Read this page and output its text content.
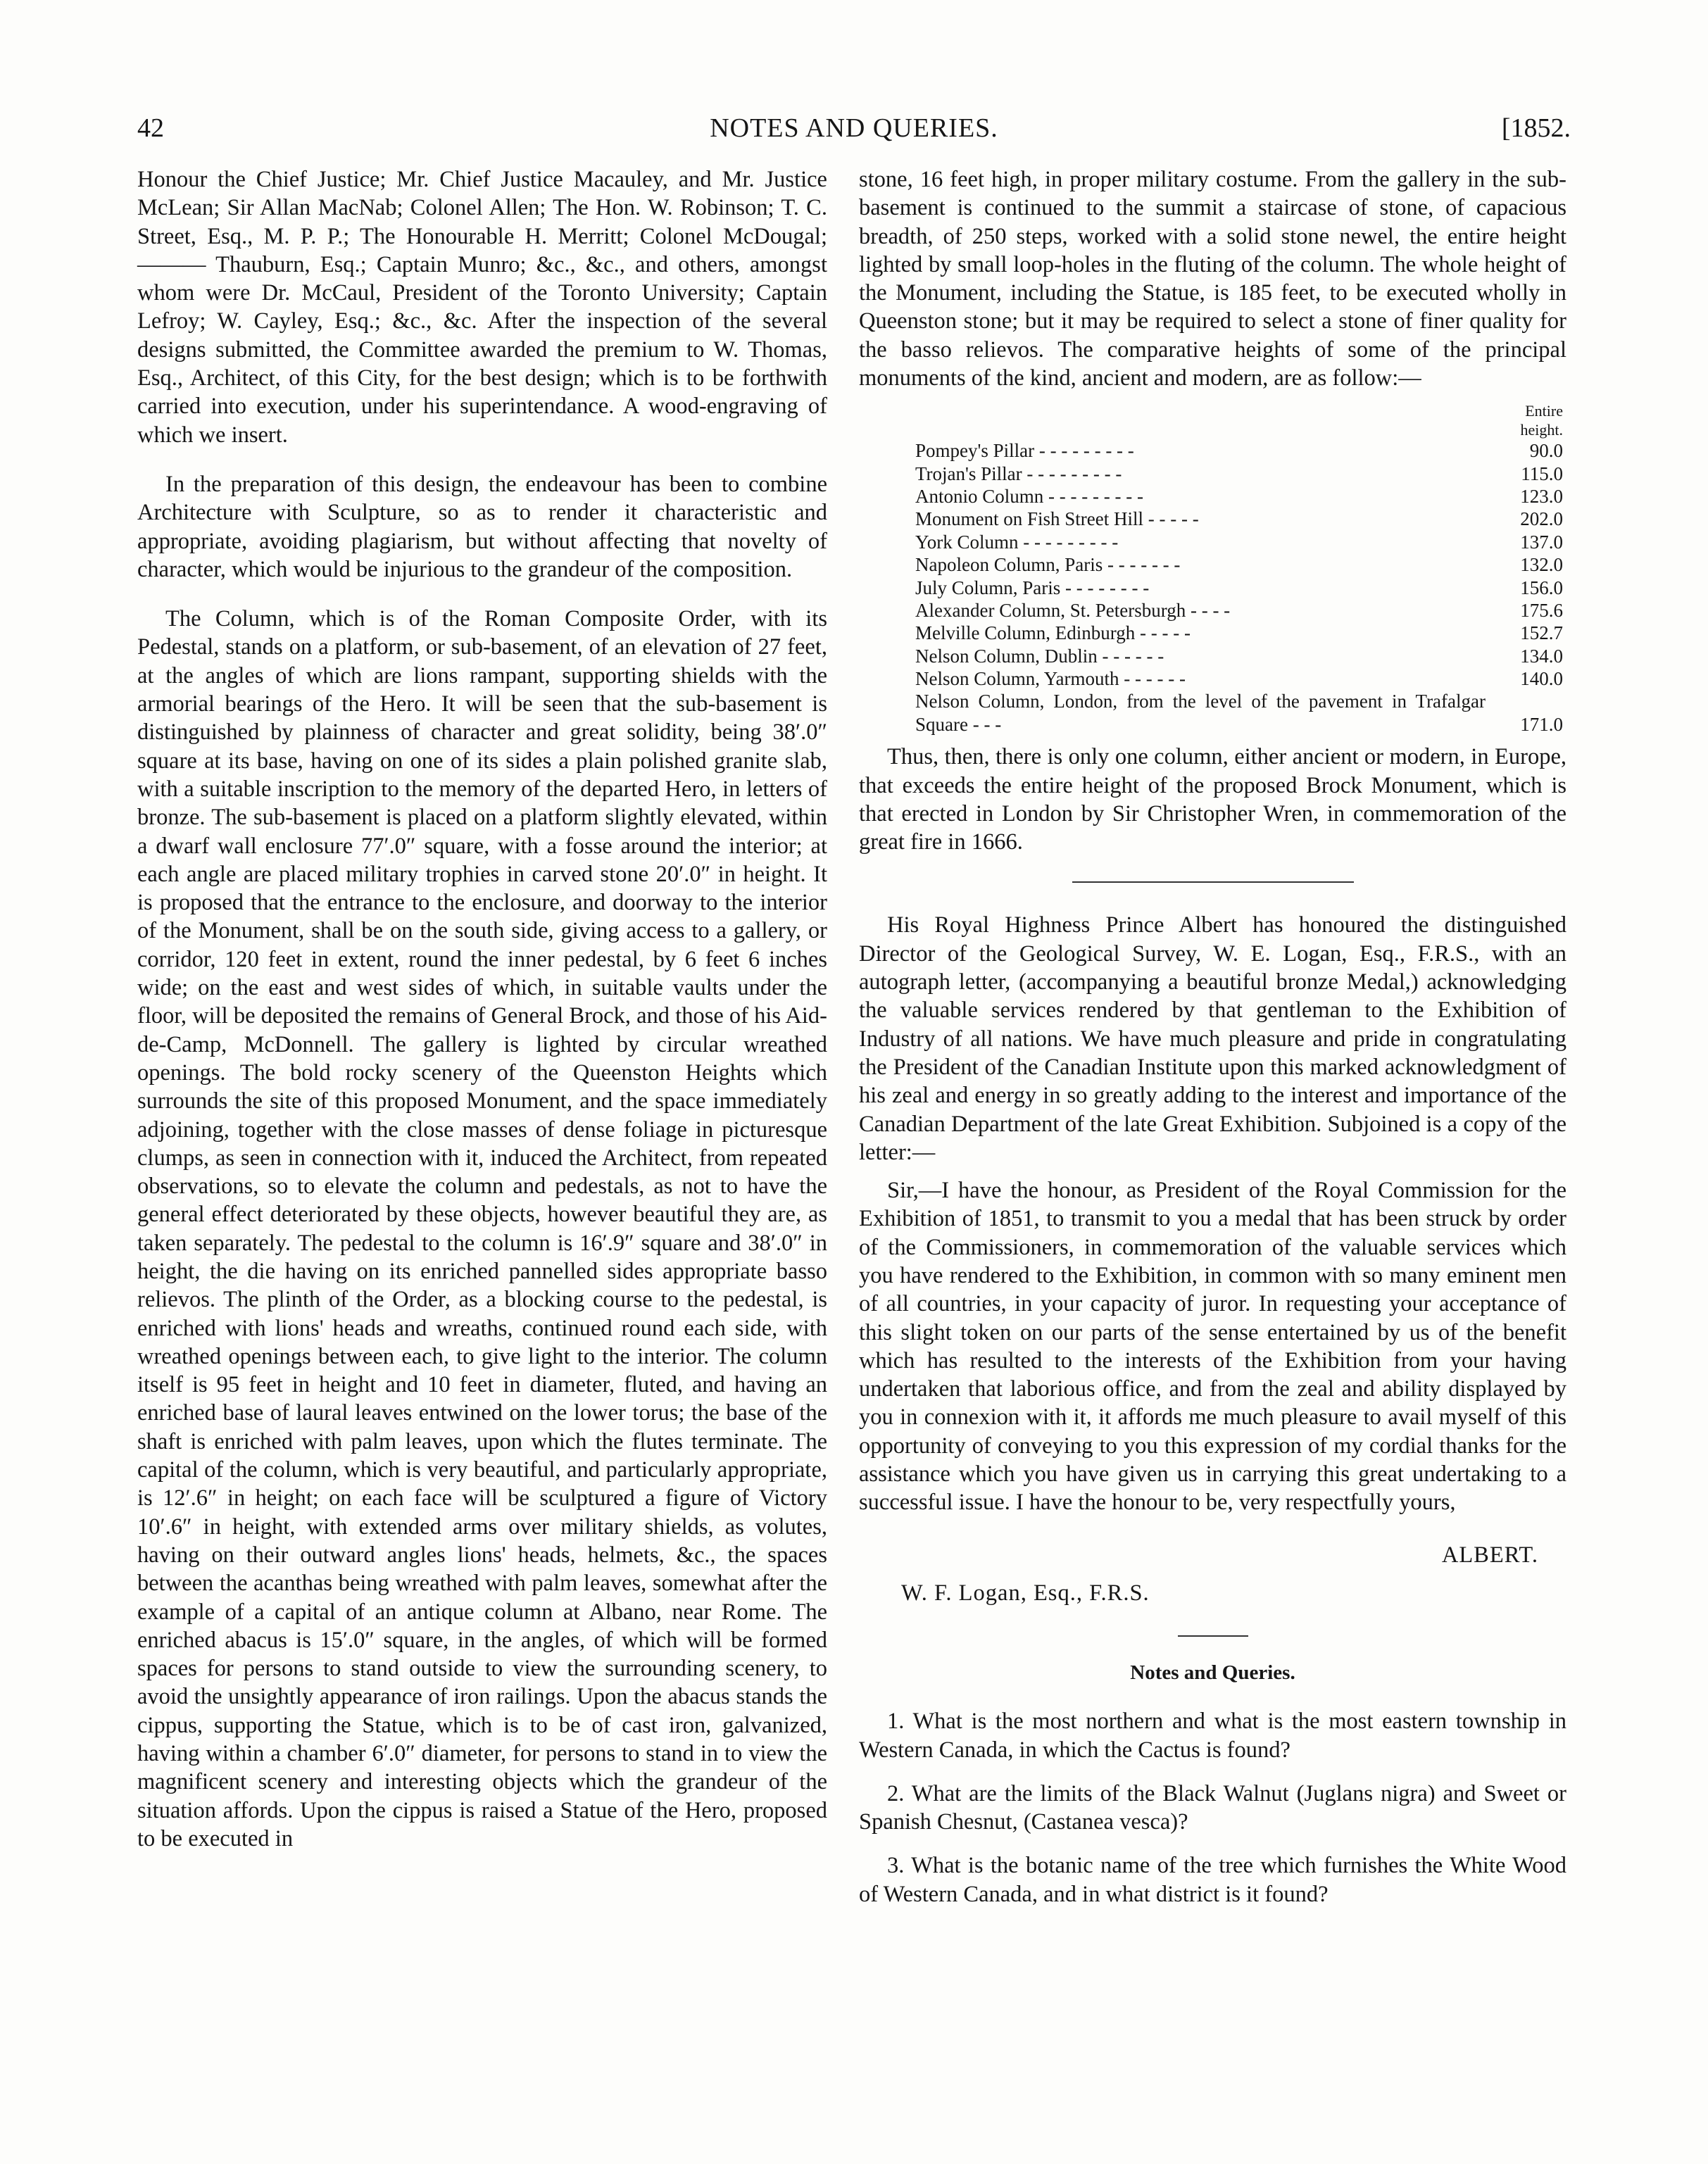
42	NOTES AND QUERIES.	[1852.

Honour the Chief Justice; Mr. Chief Justice Macauley, and Mr. Justice McLean; Sir Allan MacNab; Colonel Allen; The Hon. W. Robinson; T. C. Street, Esq., M. P. P.; The Honourable H. Merritt; Colonel McDougal; ——— Thauburn, Esq.; Captain Munro; &c., &c., and others, amongst whom were Dr. McCaul, President of the Toronto University; Captain Lefroy; W. Cayley, Esq.; &c., &c. After the inspection of the several designs submitted, the Committee awarded the premium to W. Thomas, Esq., Architect, of this City, for the best design; which is to be forthwith carried into execution, under his superintendance. A wood-engraving of which we insert.

In the preparation of this design, the endeavour has been to combine Architecture with Sculpture, so as to render it characteristic and appropriate, avoiding plagiarism, but without affecting that novelty of character, which would be injurious to the grandeur of the composition.

The Column, which is of the Roman Composite Order, with its Pedestal, stands on a platform, or sub-basement, of an elevation of 27 feet, at the angles of which are lions rampant, supporting shields with the armorial bearings of the Hero. It will be seen that the sub-basement is distinguished by plainness of character and great solidity, being 38′.0″ square at its base, having on one of its sides a plain polished granite slab, with a suitable inscription to the memory of the departed Hero, in letters of bronze. The sub-basement is placed on a platform slightly elevated, within a dwarf wall enclosure 77′.0″ square, with a fosse around the interior; at each angle are placed military trophies in carved stone 20′.0″ in height. It is proposed that the entrance to the enclosure, and doorway to the interior of the Monument, shall be on the south side, giving access to a gallery, or corridor, 120 feet in extent, round the inner pedestal, by 6 feet 6 inches wide; on the east and west sides of which, in suitable vaults under the floor, will be deposited the remains of General Brock, and those of his Aid-de-Camp, McDonnell. The gallery is lighted by circular wreathed openings. The bold rocky scenery of the Queenston Heights which surrounds the site of this proposed Monument, and the space immediately adjoining, together with the close masses of dense foliage in picturesque clumps, as seen in connection with it, induced the Architect, from repeated observations, so to elevate the column and pedestals, as not to have the general effect deteriorated by these objects, however beautiful they are, as taken separately. The pedestal to the column is 16′.9″ square and 38′.0″ in height, the die having on its enriched pannelled sides appropriate basso relievos. The plinth of the Order, as a blocking course to the pedestal, is enriched with lions' heads and wreaths, continued round each side, with wreathed openings between each, to give light to the interior. The column itself is 95 feet in height and 10 feet in diameter, fluted, and having an enriched base of laural leaves entwined on the lower torus; the base of the shaft is enriched with palm leaves, upon which the flutes terminate. The capital of the column, which is very beautiful, and particularly appropriate, is 12′.6″ in height; on each face will be sculptured a figure of Victory 10′.6″ in height, with extended arms over military shields, as volutes, having on their outward angles lions' heads, helmets, &c., the spaces between the acanthas being wreathed with palm leaves, somewhat after the example of a capital of an antique column at Albano, near Rome. The enriched abacus is 15′.0″ square, in the angles, of which will be formed spaces for persons to stand outside to view the surrounding scenery, to avoid the unsightly appearance of iron railings. Upon the abacus stands the cippus, supporting the Statue, which is to be of cast iron, galvanized, having within a chamber 6′.0″ diameter, for persons to stand in to view the magnificent scenery and interesting objects which the grandeur of the situation affords. Upon the cippus is raised a Statue of the Hero, proposed to be executed in

stone, 16 feet high, in proper military costume. From the gallery in the sub-basement is continued to the summit a staircase of stone, of capacious breadth, of 250 steps, worked with a solid stone newel, the entire height lighted by small loop-holes in the fluting of the column. The whole height of the Monument, including the Statue, is 185 feet, to be executed wholly in Queenston stone; but it may be required to select a stone of finer quality for the basso relievos. The comparative heights of some of the principal monuments of the kind, ancient and modern, are as follow:—

	Entire height.
Pompey's Pillar - - - - - - - - -	90.0
Trojan's Pillar - - - - - - - - -	115.0
Antonio Column - - - - - - - - -	123.0
Monument on Fish Street Hill - - - - -	202.0
York Column - - - - - - - - -	137.0
Napoleon Column, Paris - - - - - - -	132.0
July Column, Paris - - - - - - - -	156.0
Alexander Column, St. Petersburgh - - - -	175.6
Melville Column, Edinburgh - - - - -	152.7
Nelson Column, Dublin - - - - - -	134.0
Nelson Column, Yarmouth - - - - - -	140.0
Nelson Column, London, from the level of the pavement in Trafalgar Square - - -	171.0

Thus, then, there is only one column, either ancient or modern, in Europe, that exceeds the entire height of the proposed Brock Monument, which is that erected in London by Sir Christopher Wren, in commemoration of the great fire in 1666.

His Royal Highness Prince Albert has honoured the distinguished Director of the Geological Survey, W. E. Logan, Esq., F.R.S., with an autograph letter, (accompanying a beautiful bronze Medal,) acknowledging the valuable services rendered by that gentleman to the Exhibition of Industry of all nations. We have much pleasure and pride in congratulating the President of the Canadian Institute upon this marked acknowledgment of his zeal and energy in so greatly adding to the interest and importance of the Canadian Department of the late Great Exhibition. Subjoined is a copy of the letter:—

Sir,—I have the honour, as President of the Royal Commission for the Exhibition of 1851, to transmit to you a medal that has been struck by order of the Commissioners, in commemoration of the valuable services which you have rendered to the Exhibition, in common with so many eminent men of all countries, in your capacity of juror. In requesting your acceptance of this slight token on our parts of the sense entertained by us of the benefit which has resulted to the interests of the Exhibition from your having undertaken that laborious office, and from the zeal and ability displayed by you in connexion with it, it affords me much pleasure to avail myself of this opportunity of conveying to you this expression of my cordial thanks for the assistance which you have given us in carrying this great undertaking to a successful issue. I have the honour to be, very respectfully yours,

ALBERT.
W. F. Logan, Esq., F.R.S.
Notes and Queries.

1. What is the most northern and what is the most eastern township in Western Canada, in which the Cactus is found?

2. What are the limits of the Black Walnut (Juglans nigra) and Sweet or Spanish Chesnut, (Castanea vesca)?

3. What is the botanic name of the tree which furnishes the White Wood of Western Canada, and in what district is it found?
